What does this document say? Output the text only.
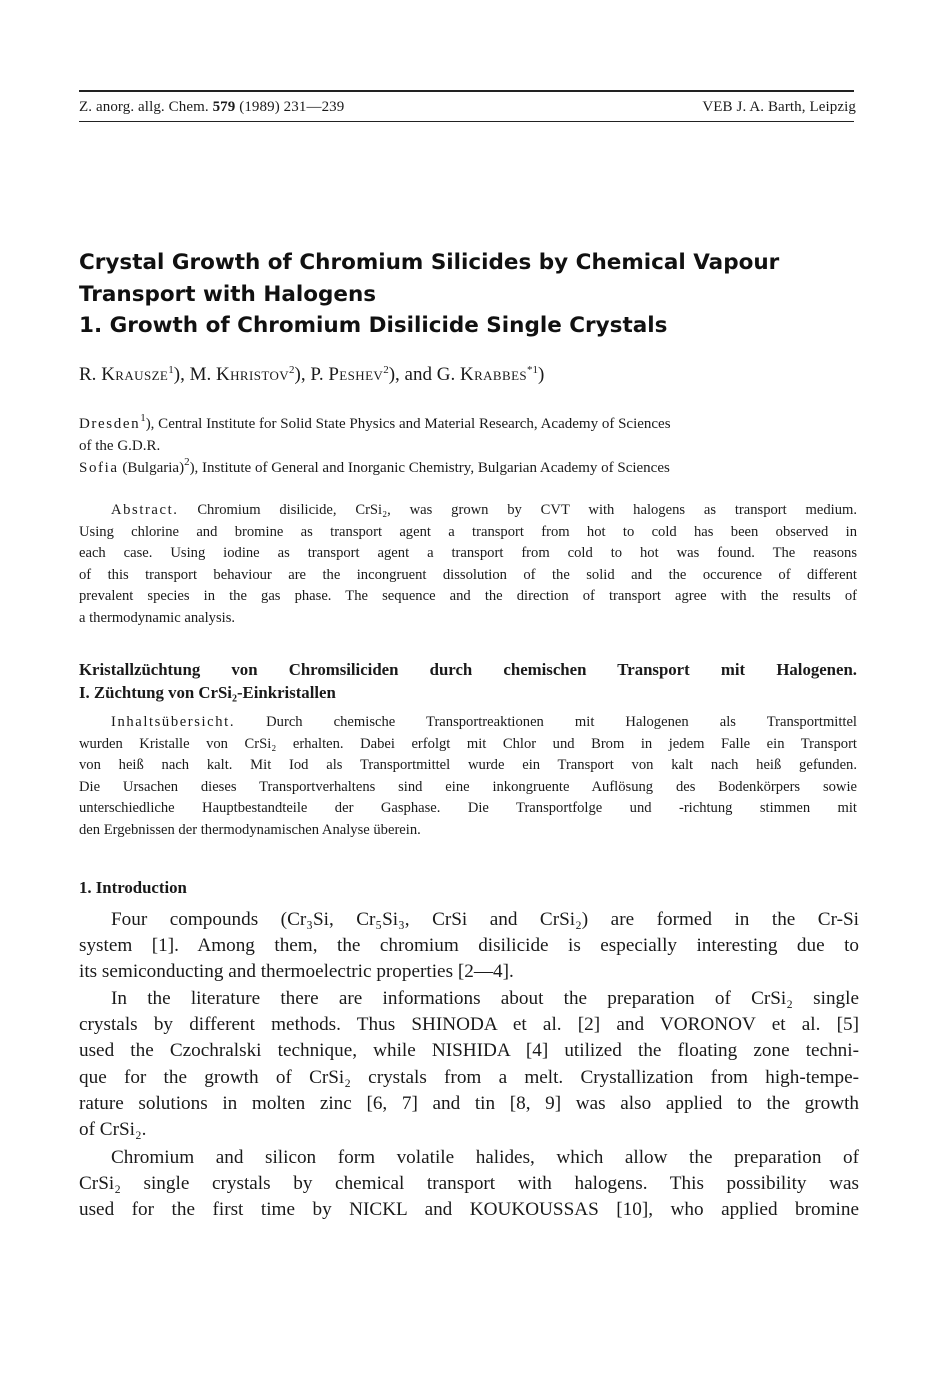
Z. anorg. allg. Chem. 579 (1989) 231—239	VEB J. A. Barth, Leipzig
Crystal Growth of Chromium Silicides by Chemical Vapour
Transport with Halogens
1. Growth of Chromium Disilicide Single Crystals
R. Krausze$^1$), M. Khristov$^2$), P. Peshev$^2$), and G. Krabbes$^{*1}$)
Dresden$^1$), Central Institute for Solid State Physics and Material Research, Academy of Sciences
of the G.D.R.
Sofia (Bulgaria)$^2$), Institute of General and Inorganic Chemistry, Bulgarian Academy of Sciences
Abstract. Chromium disilicide, CrSi₂, was grown by CVT with halogens as transport medium.
Using chlorine and bromine as transport agent a transport from hot to cold has been observed in
each case. Using iodine as transport agent a transport from cold to hot was found. The reasons
of this transport behaviour are the incongruent dissolution of the solid and the occurence of different
prevalent species in the gas phase. The sequence and the direction of transport agree with the results of
a thermodynamic analysis.
Kristallzüchtung von Chromsiliciden durch chemischen Transport mit Halogenen.
I. Züchtung von CrSi₂-Einkristallen
Inhaltsübersicht. Durch chemische Transportreaktionen mit Halogenen als Transportmittel
wurden Kristalle von CrSi₂ erhalten. Dabei erfolgt mit Chlor und Brom in jedem Falle ein Transport
von heiß nach kalt. Mit Iod als Transportmittel wurde ein Transport von kalt nach heiß gefunden.
Die Ursachen dieses Transportverhaltens sind eine inkongruente Auflösung des Bodenkörpers sowie
unterschiedliche Hauptbestandteile der Gasphase. Die Transportfolge und -richtung stimmen mit
den Ergebnissen der thermodynamischen Analyse überein.
1. Introduction
Four compounds (Cr₃Si, Cr₅Si₃, CrSi and CrSi₂) are formed in the Cr-Si
system [1]. Among them, the chromium disilicide is especially interesting due to
its semiconducting and thermoelectric properties [2—4].
In the literature there are informations about the preparation of CrSi₂ single
crystals by different methods. Thus SHINODA et al. [2] and VORONOV et al. [5]
used the Czochralski technique, while NISHIDA [4] utilized the floating zone techni-
que for the growth of CrSi₂ crystals from a melt. Crystallization from high-tempe-
rature solutions in molten zinc [6, 7] and tin [8, 9] was also applied to the growth
of CrSi₂.
Chromium and silicon form volatile halides, which allow the preparation of
CrSi₂ single crystals by chemical transport with halogens. This possibility was
used for the first time by NICKL and KOUKOUSSAS [10], who applied bromine
